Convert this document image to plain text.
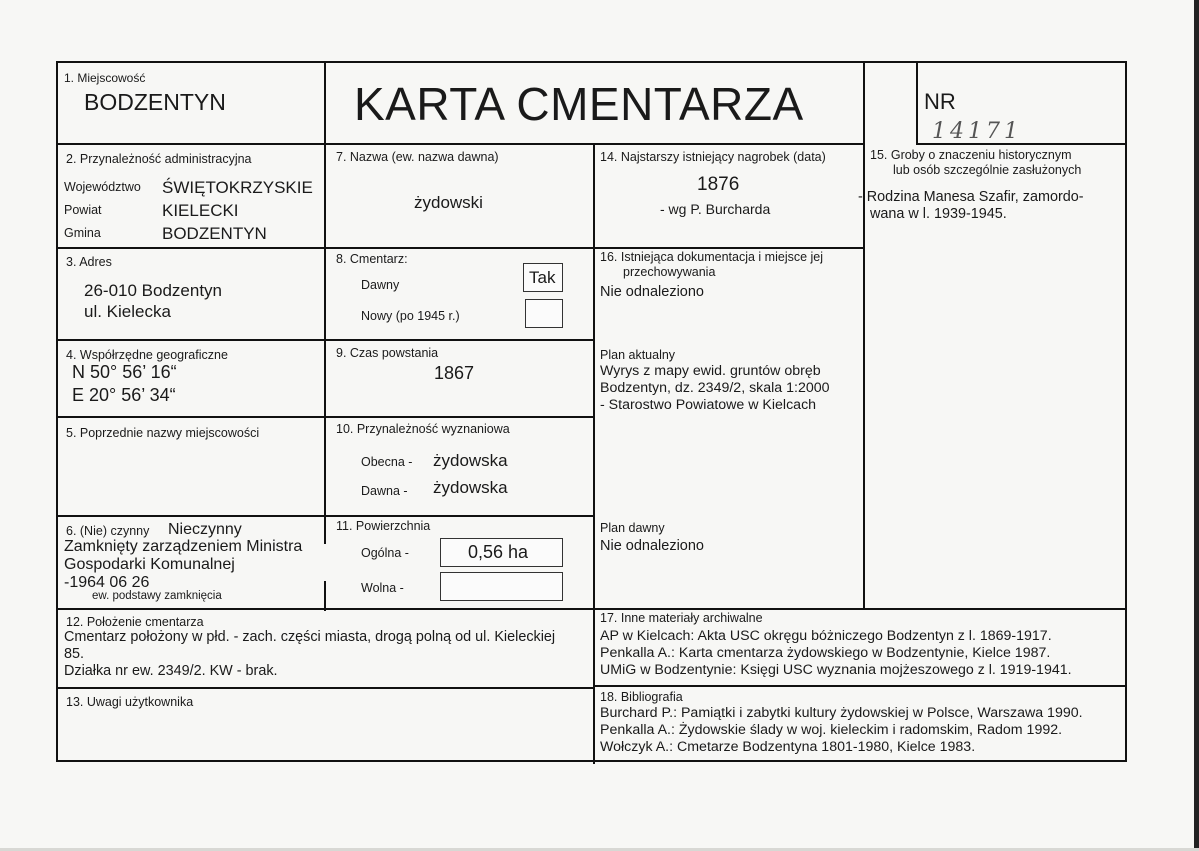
1. Miejscowość
BODZENTYN	KARTA CMENTARZA	NR
14171
2. Przynależność administracyjna
Województwo ŚWIĘTOKRZYSKIE
Powiat	KIELECKI
Gmina	BODZENTYN
3. Adres
26-010 Bodzentyn
ul. Kielecka
4. Współrzędne geograficzne
N 50° 56’ 16“
E 20° 56’ 34“
5. Poprzednie nazwy miejscowości
6. (Nie) czynny Nieczynny
Zamknięty zarządzeniem Ministra
Gospodarki Komunalnej
-1964 06 26
ew. podstawy zamknięcia
7. Nazwa (ew. nazwa dawna)
żydowski
8. Cmentarz:
Dawny	Tak
Nowy (po 1945 r.)
9. Czas powstania
1867
10. Przynależność wyznaniowa
Obecna - żydowska
Dawna - żydowska
11. Powierzchnia
Ogólna -	0,56 ha
Wolna -
12. Położenie cmentarza
Cmentarz położony w płd. - zach. części miasta, drogą polną od ul. Kieleckiej
85.
Działka nr ew. 2349/2. KW - brak.
13. Uwagi użytkownika
14. Najstarszy istniejący nagrobek (data)
1876
- wg P. Burcharda
15. Groby o znaczeniu historycznym
lub osób szczególnie zasłużonych
- Rodzina Manesa Szafir, zamordo-
wana w l. 1939-1945.
16. Istniejąca dokumentacja i miejsce jej
przechowywania
Nie odnaleziono
Plan aktualny
Wyrys z mapy ewid. gruntów obręb
Bodzentyn, dz. 2349/2, skala 1:2000
- Starostwo Powiatowe w Kielcach
Plan dawny
Nie odnaleziono
17. Inne materiały archiwalne
AP w Kielcach: Akta USC okręgu bóżniczego Bodzentyn z l. 1869-1917.
Penkalla A.: Karta cmentarza żydowskiego w Bodzentynie, Kielce 1987.
UMiG w Bodzentynie: Księgi USC wyznania mojżeszowego z l. 1919-1941.
18. Bibliografia
Burchard P.: Pamiątki i zabytki kultury żydowskiej w Polsce, Warszawa 1990.
Penkalla A.: Żydowskie ślady w woj. kieleckim i radomskim, Radom 1992.
Wołczyk A.: Cmetarze Bodzentyna 1801-1980, Kielce 1983.
